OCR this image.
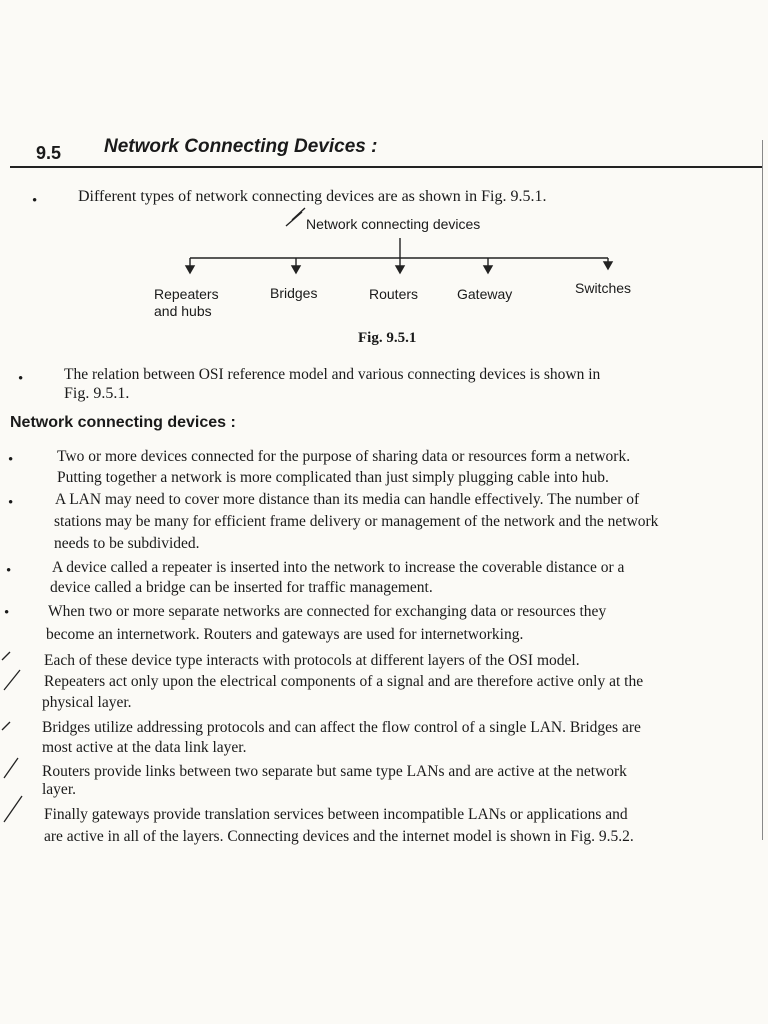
9.5 Network Connecting Devices :
•	Different types of network connecting devices are as shown in Fig. 9.5.1.
Network connecting devices
Repeaters
and hubs
Bridges	Routers	Gateway	Switches
Fig. 9.5.1
•	The relation between OSI reference model and various connecting devices is shown in
Fig. 9.5.1.
Network connecting devices :
•	Two or more devices connected for the purpose of sharing data or resources form a network.
Putting together a network is more complicated than just simply plugging cable into hub.
•	A LAN may need to cover more distance than its media can handle effectively. The number of
stations may be many for efficient frame delivery or management of the network and the network
needs to be subdivided.
•	A device called a repeater is inserted into the network to increase the coverable distance or a
device called a bridge can be inserted for traffic management.
• When two or more separate networks are connected for exchanging data or resources they
become an internetwork. Routers and gateways are used for internetworking.
Each of these device type interacts with protocols at different layers of the OSI model.
Repeaters act only upon the electrical components of a signal and are therefore active only at the
physical layer.
Bridges utilize addressing protocols and can affect the flow control of a single LAN. Bridges are
most active at the data link layer.
Routers provide links between two separate but same type LANs and are active at the network
layer.
Finally gateways provide translation services between incompatible LANs or applications and
are active in all of the layers. Connecting devices and the internet model is shown in Fig. 9.5.2.
